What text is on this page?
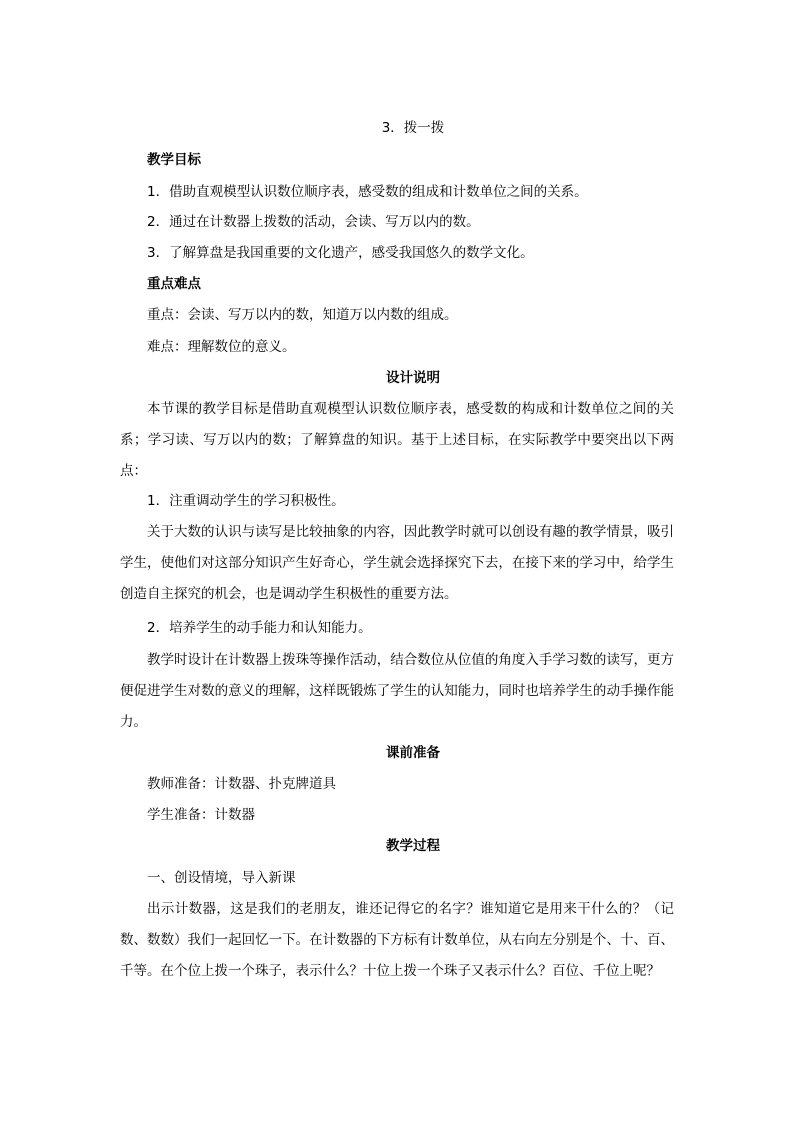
3．拨一拨
教学目标
1．借助直观模型认识数位顺序表，感受数的组成和计数单位之间的关系。
2．通过在计数器上拨数的活动，会读、写万以内的数。
3．了解算盘是我国重要的文化遗产，感受我国悠久的数学文化。
重点难点
重点：会读、写万以内的数，知道万以内数的组成。
难点：理解数位的意义。
设计说明
本节课的教学目标是借助直观模型认识数位顺序表，感受数的构成和计数单位之间的关系；学习读、写万以内的数；了解算盘的知识。基于上述目标，在实际教学中要突出以下两点：
1．注重调动学生的学习积极性。
关于大数的认识与读写是比较抽象的内容，因此教学时就可以创设有趣的教学情景，吸引学生，使他们对这部分知识产生好奇心，学生就会选择探究下去，在接下来的学习中，给学生创造自主探究的机会，也是调动学生积极性的重要方法。
2．培养学生的动手能力和认知能力。
教学时设计在计数器上拨珠等操作活动，结合数位从位值的角度入手学习数的读写，更方便促进学生对数的意义的理解，这样既锻炼了学生的认知能力，同时也培养学生的动手操作能力。
课前准备
教师准备：计数器、扑克牌道具
学生准备：计数器
教学过程
一、创设情境，导入新课
出示计数器，这是我们的老朋友，谁还记得它的名字？谁知道它是用来干什么的？（记数、数数）我们一起回忆一下。在计数器的下方标有计数单位，从右向左分别是个、十、百、千等。在个位上拨一个珠子，表示什么？十位上拨一个珠子又表示什么？百位、千位上呢？
